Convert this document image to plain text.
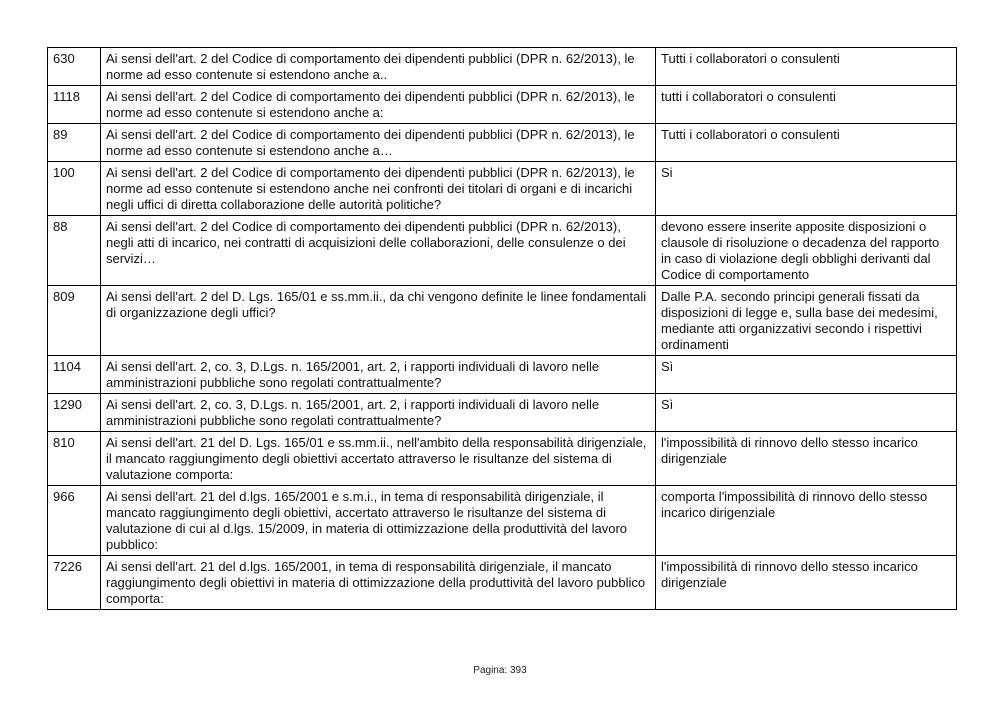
630	Ai sensi dell'art. 2 del Codice di comportamento dei dipendenti pubblici (DPR n. 62/2013), le norme ad esso contenute si estendono anche a..	Tutti i collaboratori o consulenti
1118	Ai sensi dell'art. 2 del Codice di comportamento dei dipendenti pubblici (DPR n. 62/2013), le norme ad esso contenute si estendono anche a:	tutti i collaboratori o consulenti
89	Ai sensi dell'art. 2 del Codice di comportamento dei dipendenti pubblici (DPR n. 62/2013), le norme ad esso contenute si estendono anche a…	Tutti i collaboratori o consulenti
100	Ai sensi dell'art. 2 del Codice di comportamento dei dipendenti pubblici (DPR n. 62/2013), le norme ad esso contenute si estendono anche nei confronti dei titolari di organi e di incarichi negli uffici di diretta collaborazione delle autorità politiche?	Si
88	Ai sensi dell'art. 2 del Codice di comportamento dei dipendenti pubblici (DPR n. 62/2013), negli atti di incarico, nei contratti di acquisizioni delle collaborazioni, delle consulenze o dei servizi…	devono essere inserite apposite disposizioni o clausole di risoluzione o decadenza del rapporto in caso di violazione degli obblighi derivanti dal Codice di comportamento
809	Ai sensi dell'art. 2 del D. Lgs. 165/01 e ss.mm.ii., da chi vengono definite le linee fondamentali di organizzazione degli uffici?	Dalle P.A. secondo principi generali fissati da disposizioni di legge e, sulla base dei medesimi, mediante atti organizzativi secondo i rispettivi ordinamenti
1104	Ai sensi dell'art. 2, co. 3, D.Lgs. n. 165/2001, art. 2, i rapporti individuali di lavoro nelle amministrazioni pubbliche sono regolati contrattualmente?	Sì
1290	Ai sensi dell'art. 2, co. 3, D.Lgs. n. 165/2001, art. 2, i rapporti individuali di lavoro nelle amministrazioni pubbliche sono regolati contrattualmente?	Sì
810	Ai sensi dell'art. 21 del D. Lgs. 165/01 e ss.mm.ii., nell'ambito della responsabilità dirigenziale, il mancato raggiungimento degli obiettivi accertato attraverso le risultanze del sistema di valutazione comporta:	l'impossibilità di rinnovo dello stesso incarico dirigenziale
966	Ai sensi dell'art. 21 del d.lgs. 165/2001 e s.m.i., in tema di responsabilità dirigenziale, il mancato raggiungimento degli obiettivi, accertato attraverso le risultanze del sistema di valutazione di cui al d.lgs. 15/2009, in materia di ottimizzazione della produttività del lavoro pubblico:	comporta l'impossibilità di rinnovo dello stesso incarico dirigenziale
7226	Ai sensi dell'art. 21 del d.lgs. 165/2001, in tema di responsabilità dirigenziale, il mancato raggiungimento degli obiettivi in materia di ottimizzazione della produttività del lavoro pubblico comporta:	l'impossibilità di rinnovo dello stesso incarico dirigenziale
Pagina: 393
